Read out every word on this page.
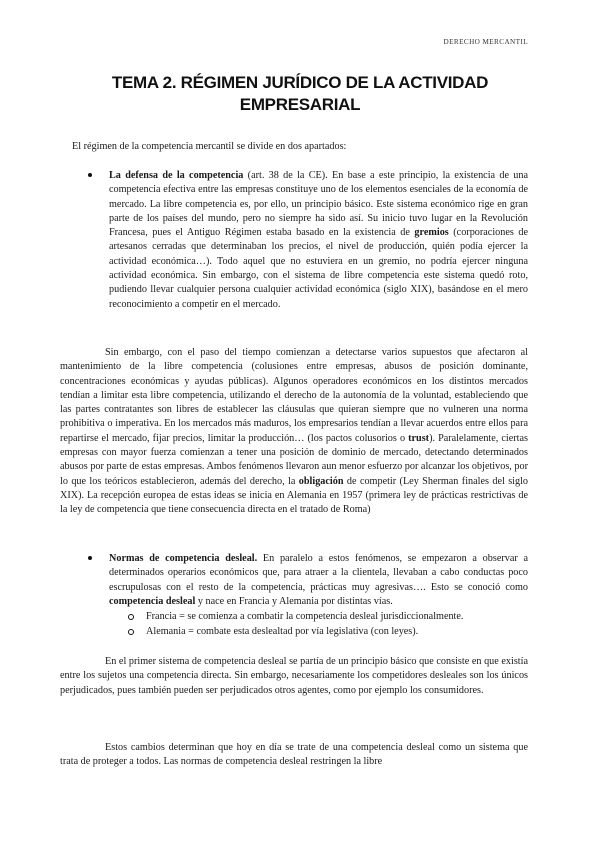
DERECHO MERCANTIL
TEMA 2. RÉGIMEN JURÍDICO DE LA ACTIVIDAD
EMPRESARIAL
El régimen de la competencia mercantil se divide en dos apartados:
La defensa de la competencia (art. 38 de la CE). En base a este principio, la existencia de una competencia efectiva entre las empresas constituye uno de los elementos esenciales de la economía de mercado. La libre competencia es, por ello, un principio básico. Este sistema económico rige en gran parte de los países del mundo, pero no siempre ha sido así. Su inicio tuvo lugar en la Revolución Francesa, pues el Antiguo Régimen estaba basado en la existencia de gremios (corporaciones de artesanos cerradas que determinaban los precios, el nivel de producción, quién podía ejercer la actividad económica…). Todo aquel que no estuviera en un gremio, no podría ejercer ninguna actividad económica. Sin embargo, con el sistema de libre competencia este sistema quedó roto, pudiendo llevar cualquier persona cualquier actividad económica (siglo XIX), basándose en el mero reconocimiento a competir en el mercado.
Sin embargo, con el paso del tiempo comienzan a detectarse varios supuestos que afectaron al mantenimiento de la libre competencia (colusiones entre empresas, abusos de posición dominante, concentraciones económicas y ayudas públicas). Algunos operadores económicos en los distintos mercados tendían a limitar esta libre competencia, utilizando el derecho de la autonomía de la voluntad, estableciendo que las partes contratantes son libres de establecer las cláusulas que quieran siempre que no vulneren una norma prohibitiva o imperativa. En los mercados más maduros, los empresarios tendían a llevar acuerdos entre ellos para repartirse el mercado, fijar precios, limitar la producción… (los pactos colusorios o trust). Paralelamente, ciertas empresas con mayor fuerza comienzan a tener una posición de dominio de mercado, detectando determinados abusos por parte de estas empresas. Ambos fenómenos llevaron aun menor esfuerzo por alcanzar los objetivos, por lo que los teóricos establecieron, además del derecho, la obligación de competir (Ley Sherman finales del siglo XIX). La recepción europea de estas ideas se inicia en Alemania en 1957 (primera ley de prácticas restrictivas de la ley de competencia que tiene consecuencia directa en el tratado de Roma)
Normas de competencia desleal. En paralelo a estos fenómenos, se empezaron a observar a determinados operarios económicos que, para atraer a la clientela, llevaban a cabo conductas poco escrupulosas con el resto de la competencia, prácticas muy agresivas…. Esto se conoció como competencia desleal y nace en Francia y Alemania por distintas vías.
Francia = se comienza a combatir la competencia desleal jurisdiccionalmente.
Alemania = combate esta deslealtad por vía legislativa (con leyes).
En el primer sistema de competencia desleal se partía de un principio básico que consiste en que existía entre los sujetos una competencia directa. Sin embargo, necesariamente los competidores desleales son los únicos perjudicados, pues también pueden ser perjudicados otros agentes, como por ejemplo los consumidores.
Estos cambios determinan que hoy en día se trate de una competencia desleal como un sistema que trata de proteger a todos. Las normas de competencia desleal restringen la libre
